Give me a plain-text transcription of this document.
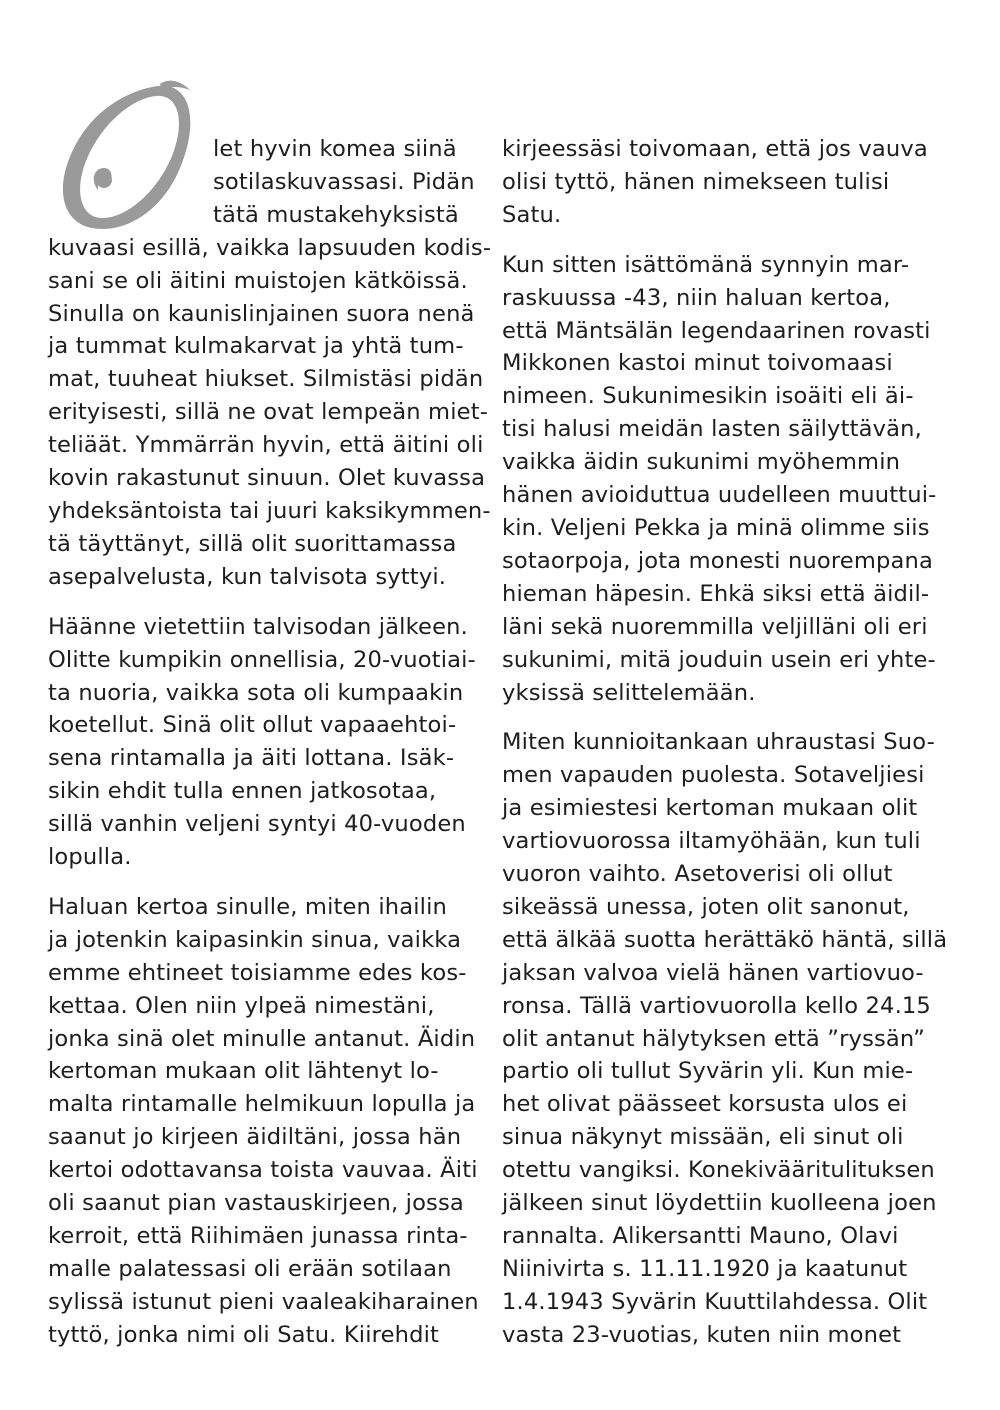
let hyvin komea siinä
sotilaskuvassasi. Pidän
tätä mustakehyksistä
kuvaasi esillä, vaikka lapsuuden kodis-
sani se oli äitini muistojen kätköissä.
Sinulla on kaunislinjainen suora nenä
ja tummat kulmakarvat ja yhtä tum-
mat, tuuheat hiukset. Silmistäsi pidän
erityisesti, sillä ne ovat lempeän miet-
teliäät. Ymmärrän hyvin, että äitini oli
kovin rakastunut sinuun. Olet kuvassa
yhdeksäntoista tai juuri kaksikymmen-
tä täyttänyt, sillä olit suorittamassa
asepalvelusta, kun talvisota syttyi.
Häänne vietettiin talvisodan jälkeen.
Olitte kumpikin onnellisia, 20-vuotiai-
ta nuoria, vaikka sota oli kumpaakin
koetellut. Sinä olit ollut vapaaehtoi-
sena rintamalla ja äiti lottana. Isäk-
sikin ehdit tulla ennen jatkosotaa,
sillä vanhin veljeni syntyi 40-vuoden
lopulla.
Haluan kertoa sinulle, miten ihailin
ja jotenkin kaipasinkin sinua, vaikka
emme ehtineet toisiamme edes kos-
kettaa. Olen niin ylpeä nimestäni,
jonka sinä olet minulle antanut. Äidin
kertoman mukaan olit lähtenyt lo-
malta rintamalle helmikuun lopulla ja
saanut jo kirjeen äidiltäni, jossa hän
kertoi odottavansa toista vauvaa. Äiti
oli saanut pian vastauskirjeen, jossa
kerroit, että Riihimäen junassa rinta-
malle palatessasi oli erään sotilaan
sylissä istunut pieni vaaleakiharainen
tyttö, jonka nimi oli Satu. Kiirehdit
kirjeessäsi toivomaan, että jos vauva
olisi tyttö, hänen nimekseen tulisi
Satu.
Kun sitten isättömänä synnyin mar-
raskuussa -43, niin haluan kertoa,
että Mäntsälän legendaarinen rovasti
Mikkonen kastoi minut toivomaasi
nimeen. Sukunimesikin isoäiti eli äi-
tisi halusi meidän lasten säilyttävän,
vaikka äidin sukunimi myöhemmin
hänen avioiduttua uudelleen muuttui-
kin. Veljeni Pekka ja minä olimme siis
sotaorpoja, jota monesti nuorempana
hieman häpesin. Ehkä siksi että äidil-
läni sekä nuoremmilla veljilläni oli eri
sukunimi, mitä jouduin usein eri yhte-
yksissä selittelemään.
Miten kunnioitankaan uhraustasi Suo-
men vapauden puolesta. Sotaveljiesi
ja esimiestesi kertoman mukaan olit
vartiovuorossa iltamyöhään, kun tuli
vuoron vaihto. Asetoverisi oli ollut
sikeässä unessa, joten olit sanonut,
että älkää suotta herättäkö häntä, sillä
jaksan valvoa vielä hänen vartiovuo-
ronsa. Tällä vartiovuorolla kello 24.15
olit antanut hälytyksen että ”ryssän”
partio oli tullut Syvärin yli. Kun mie-
het olivat päässeet korsusta ulos ei
sinua näkynyt missään, eli sinut oli
otettu vangiksi. Konekivääritulituksen
jälkeen sinut löydettiin kuolleena joen
rannalta. Alikersantti Mauno, Olavi
Niinivirta s. 11.11.1920 ja kaatunut
1.4.1943 Syvärin Kuuttilahdessa. Olit
vasta 23-vuotias, kuten niin monet
